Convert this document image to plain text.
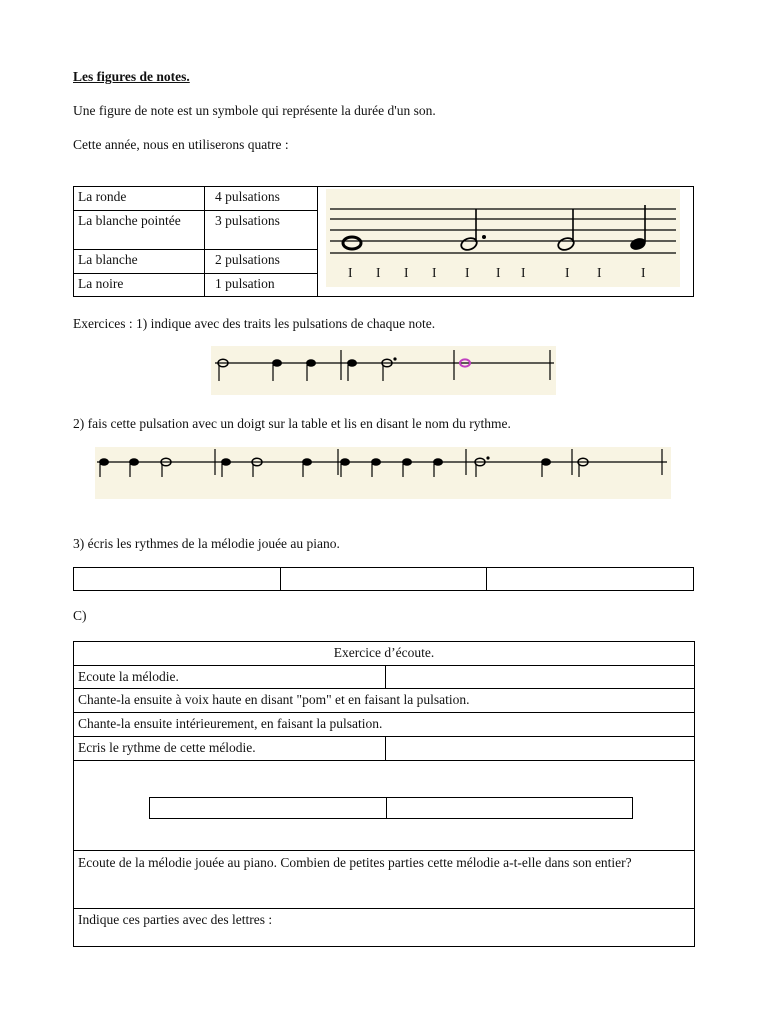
Les figures de notes.
Une figure de note est un symbole qui représente la durée d'un son.
Cette année, nous en utiliserons quatre :
La ronde	4 pulsations
La blanche pointée	3 pulsations
La blanche	2 pulsations
La noire	1 pulsation
I I I I I I I	I I	I
Exercices : 1) indique avec des traits les pulsations de chaque note.
2) fais cette pulsation avec un doigt sur la table et lis en disant le nom du rythme.
3) écris les rythmes de la mélodie jouée au piano.
C)
Exercice d’écoute.	
Ecoute la mélodie.	
Chante-la ensuite à voix haute en disant "pom" et en faisant la pulsation.	
Chante-la ensuite intérieurement, en faisant la pulsation.	
Ecris le rythme de cette mélodie.	

Ecoute de la mélodie jouée au piano. Combien de petites parties cette mélodie a-t-elle dans son entier?	
Indique ces parties avec des lettres :	
